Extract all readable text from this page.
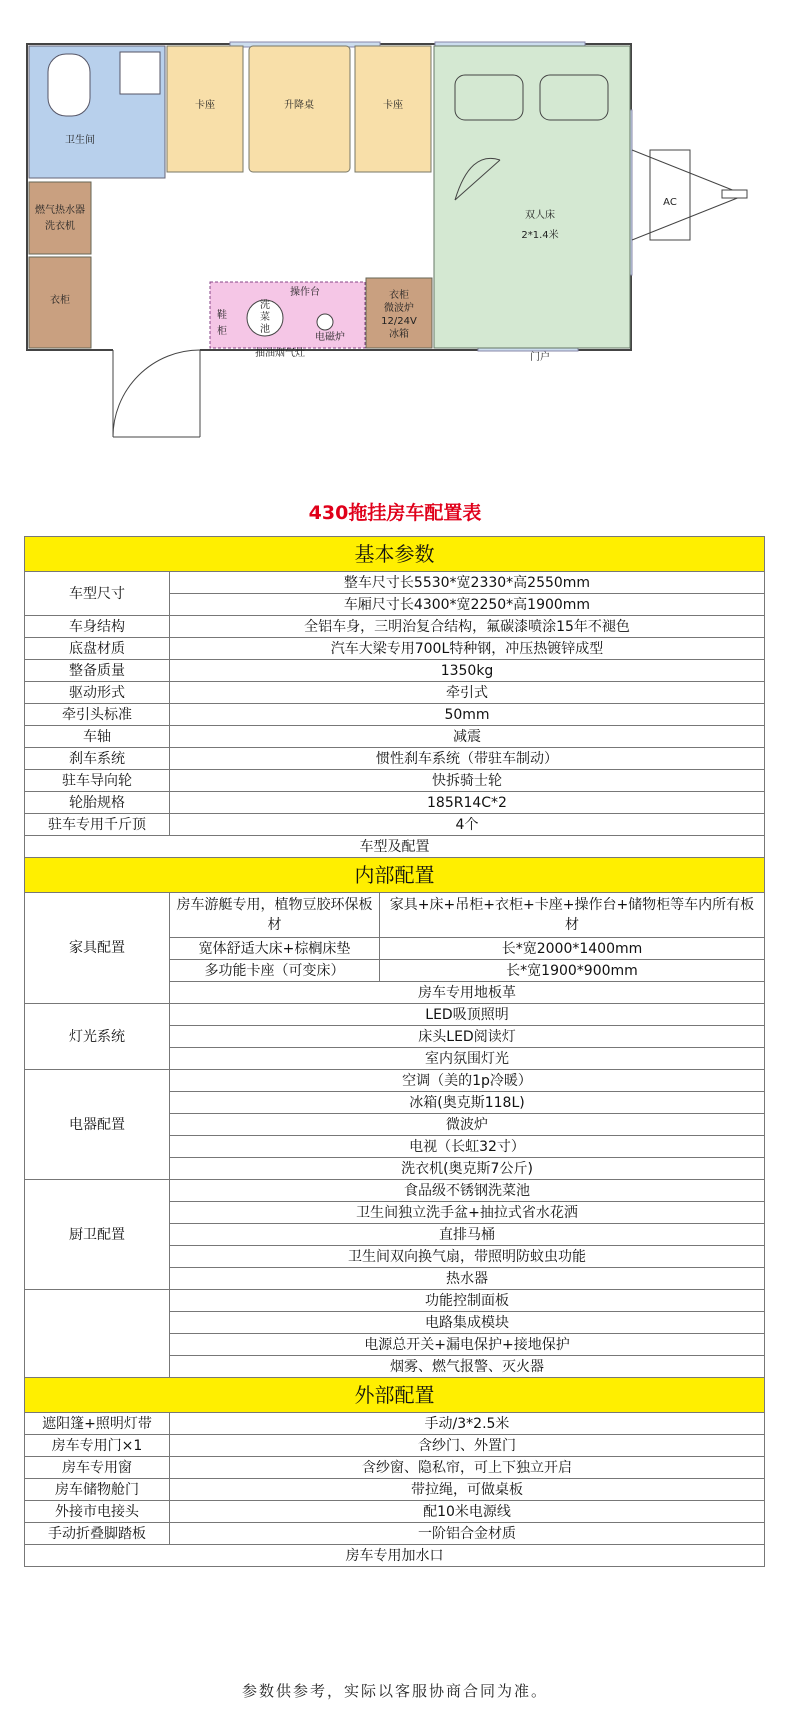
卫生间
卡座	升降桌	卡座
燃气热水器
洗衣机
衣柜
双人床
2*1.4米
AC
操作台
鞋
柜
洗
菜
池
电磁炉
抽油烟气灶
衣柜
微波炉
12/24V
冰箱
门户
430拖挂房车配置表
基本参数		
车型尺寸	整车尺寸长5530*宽2330*高2550mm	
	车厢尺寸长4300*宽2250*高1900mm	
车身结构	全铝车身，三明治复合结构，氟碳漆喷涂15年不褪色	
底盘材质	汽车大梁专用700L特种钢，冲压热镀锌成型	
整备质量	1350kg	
驱动形式	牵引式	
牵引头标准	50mm	
车轴	减震	
刹车系统	惯性刹车系统（带驻车制动）	
驻车导向轮	快拆骑士轮	
轮胎规格	185R14C*2	
驻车专用千斤顶	4个	
车型及配置		
内部配置		
家具配置	房车游艇专用，植物豆胶环保板材	家具+床+吊柜+衣柜+卡座+操作台+储物柜等车内所有板材
	宽体舒适大床+棕榈床垫	长*宽2000*1400mm
	多功能卡座（可变床）	长*宽1900*900mm
	房车专用地板革	
灯光系统	LED吸顶照明	
	床头LED阅读灯	
	室内氛围灯光	
电器配置	空调（美的1p冷暖）	
	冰箱(奥克斯118L)	
	微波炉	
	电视（长虹32寸）	
	洗衣机(奥克斯7公斤)	
厨卫配置	食品级不锈钢洗菜池	
	卫生间独立洗手盆+抽拉式省水花洒	
	直排马桶	
	卫生间双向换气扇，带照明防蚊虫功能	
	热水器	
	功能控制面板	
	电路集成模块	
	电源总开关+漏电保护+接地保护	
	烟雾、燃气报警、灭火器	
外部配置		
遮阳篷+照明灯带	手动/3*2.5米	
房车专用门×1	含纱门、外置门	
房车专用窗	含纱窗、隐私帘，可上下独立开启	
房车储物舱门	带拉绳，可做桌板	
外接市电接头	配10米电源线	
手动折叠脚踏板	一阶铝合金材质	
房车专用加水口		
参数供参考，实际以客服协商合同为准。
